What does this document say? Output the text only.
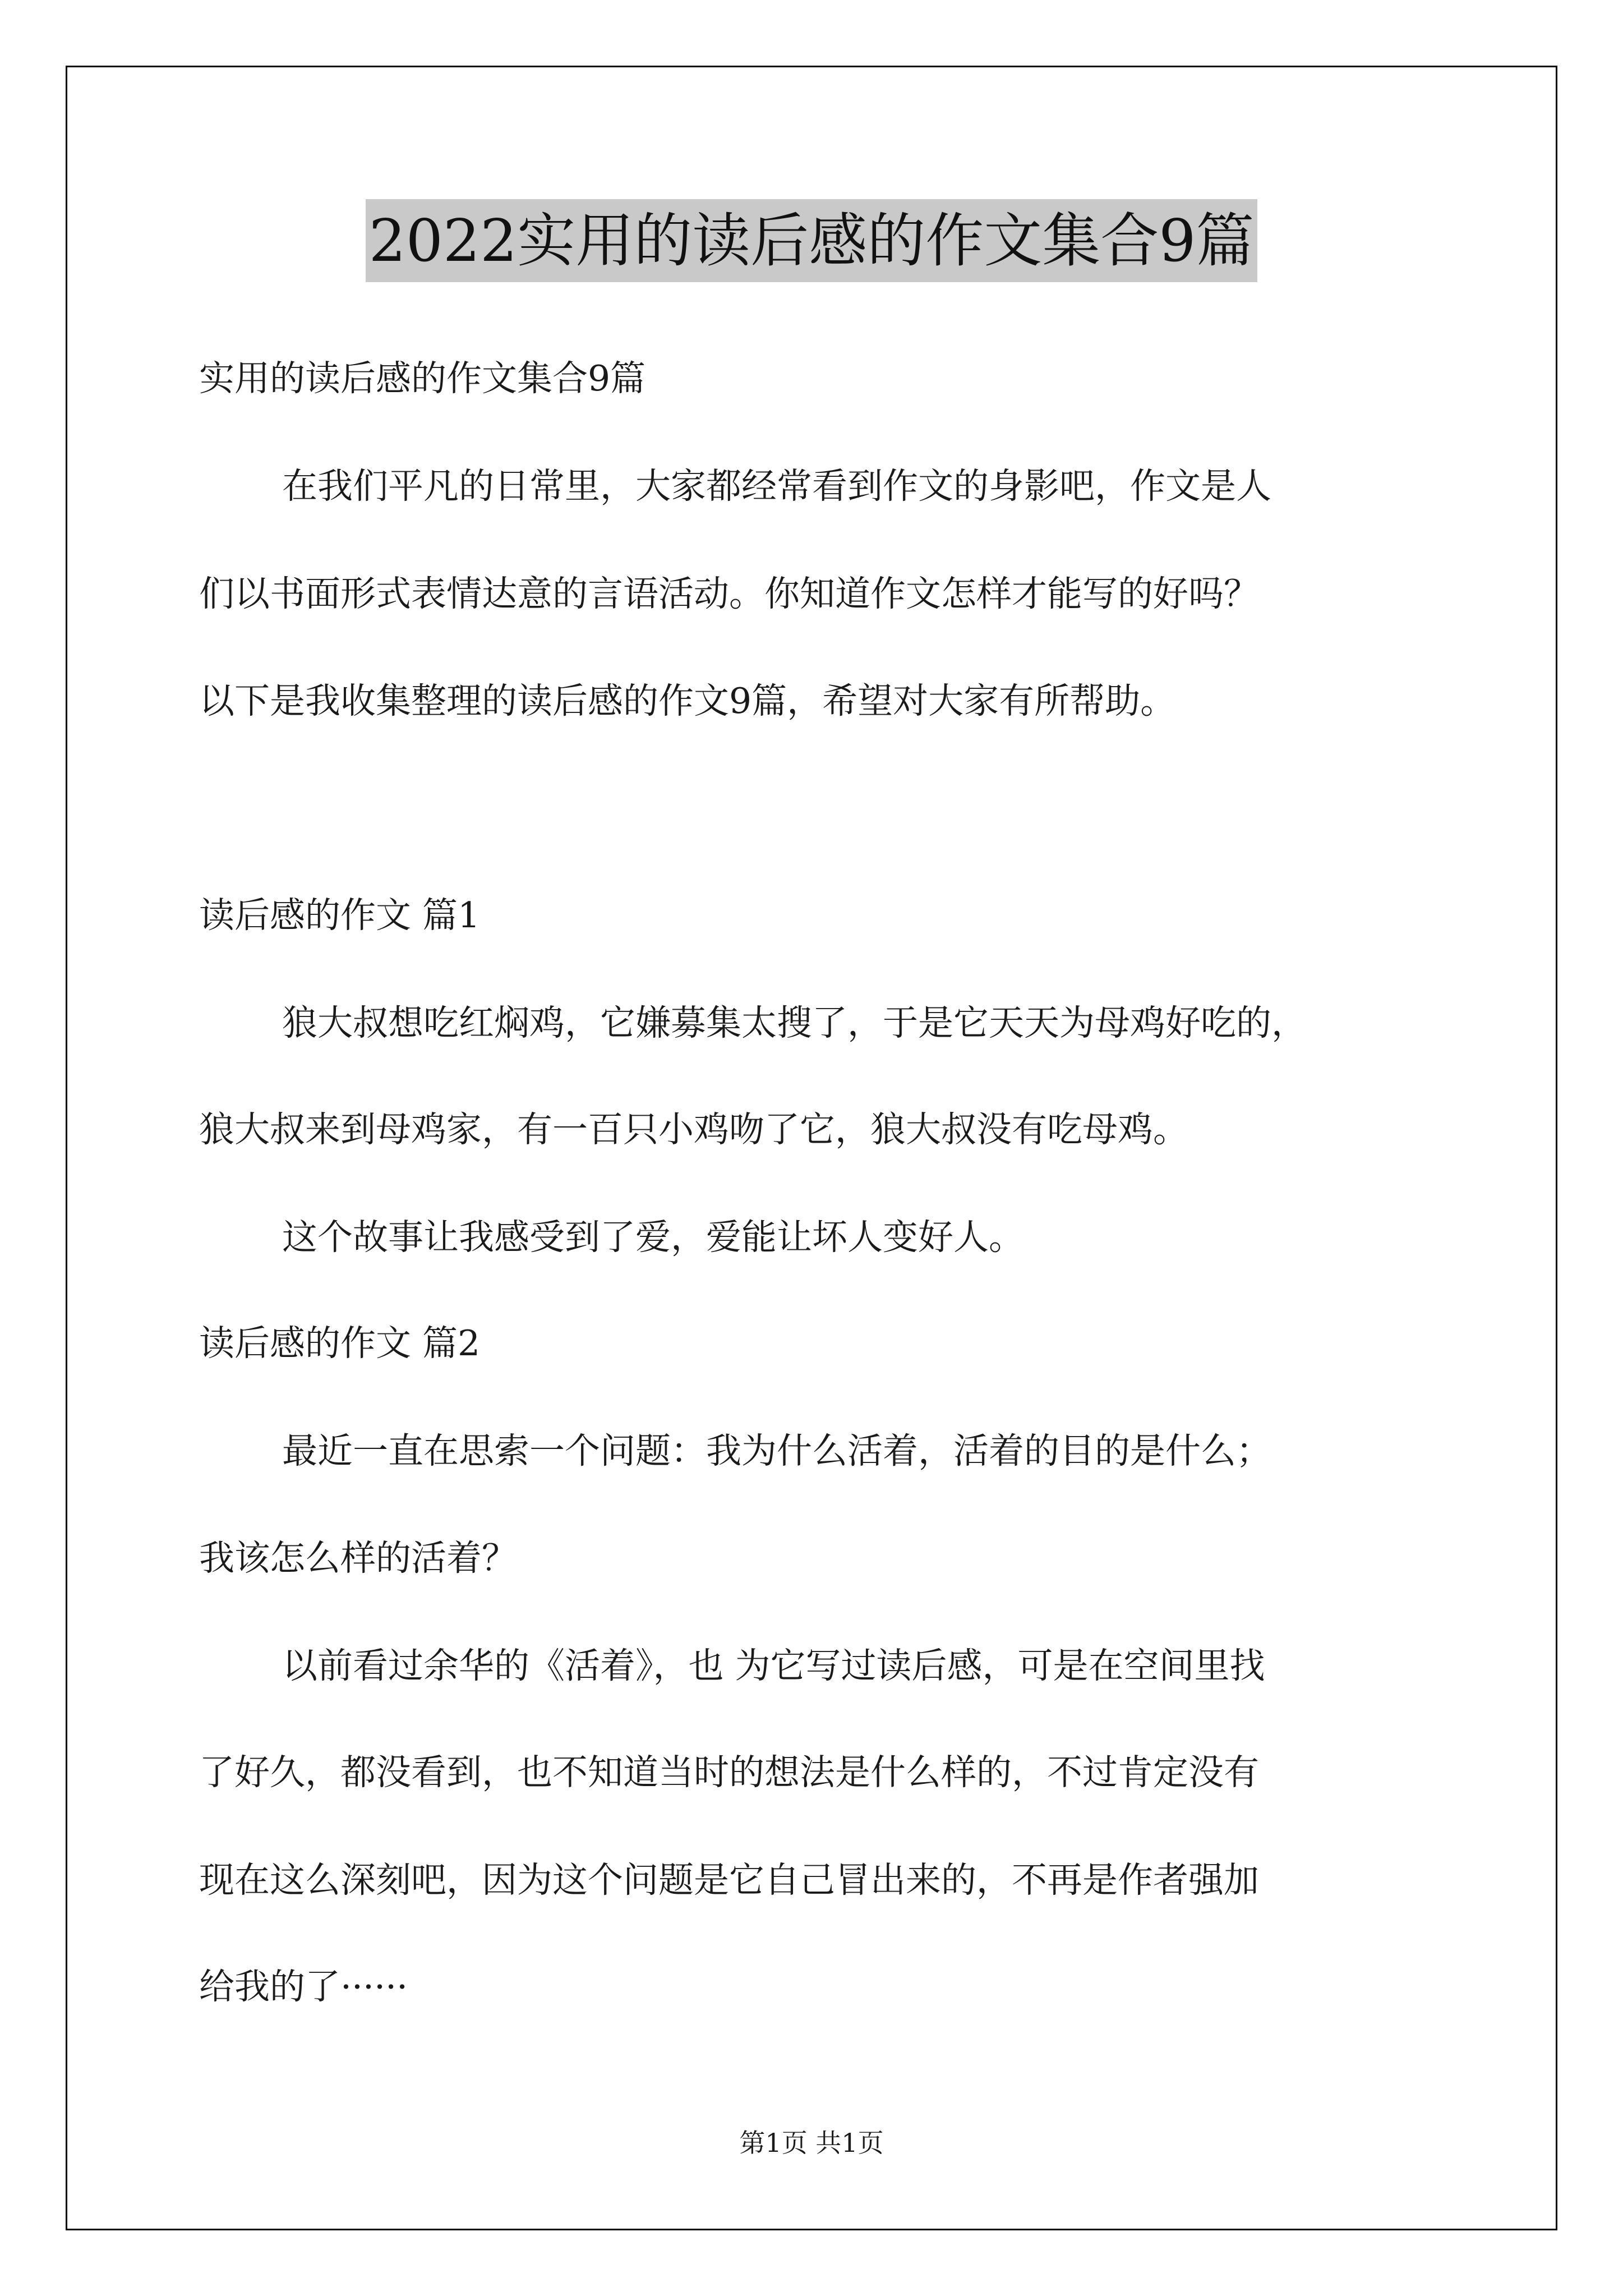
2022实用的读后感的作文集合9篇
实用的读后感的作文集合9篇
在我们平凡的日常里，大家都经常看到作文的身影吧，作文是人
们以书面形式表情达意的言语活动。你知道作文怎样才能写的好吗？
以下是我收集整理的读后感的作文9篇，希望对大家有所帮助。
读后感的作文 篇1
狼大叔想吃红焖鸡，它嫌募集太搜了，于是它天天为母鸡好吃的，
狼大叔来到母鸡家，有一百只小鸡吻了它，狼大叔没有吃母鸡。
这个故事让我感受到了爱，爱能让坏人变好人。
读后感的作文 篇2
最近一直在思索一个问题：我为什么活着，活着的目的是什么；
我该怎么样的活着？
以前看过余华的《活着》，也 为它写过读后感，可是在空间里找
了好久，都没看到，也不知道当时的想法是什么样的，不过肯定没有
现在这么深刻吧，因为这个问题是它自己冒出来的，不再是作者强加
给我的了······
第1页 共1页
